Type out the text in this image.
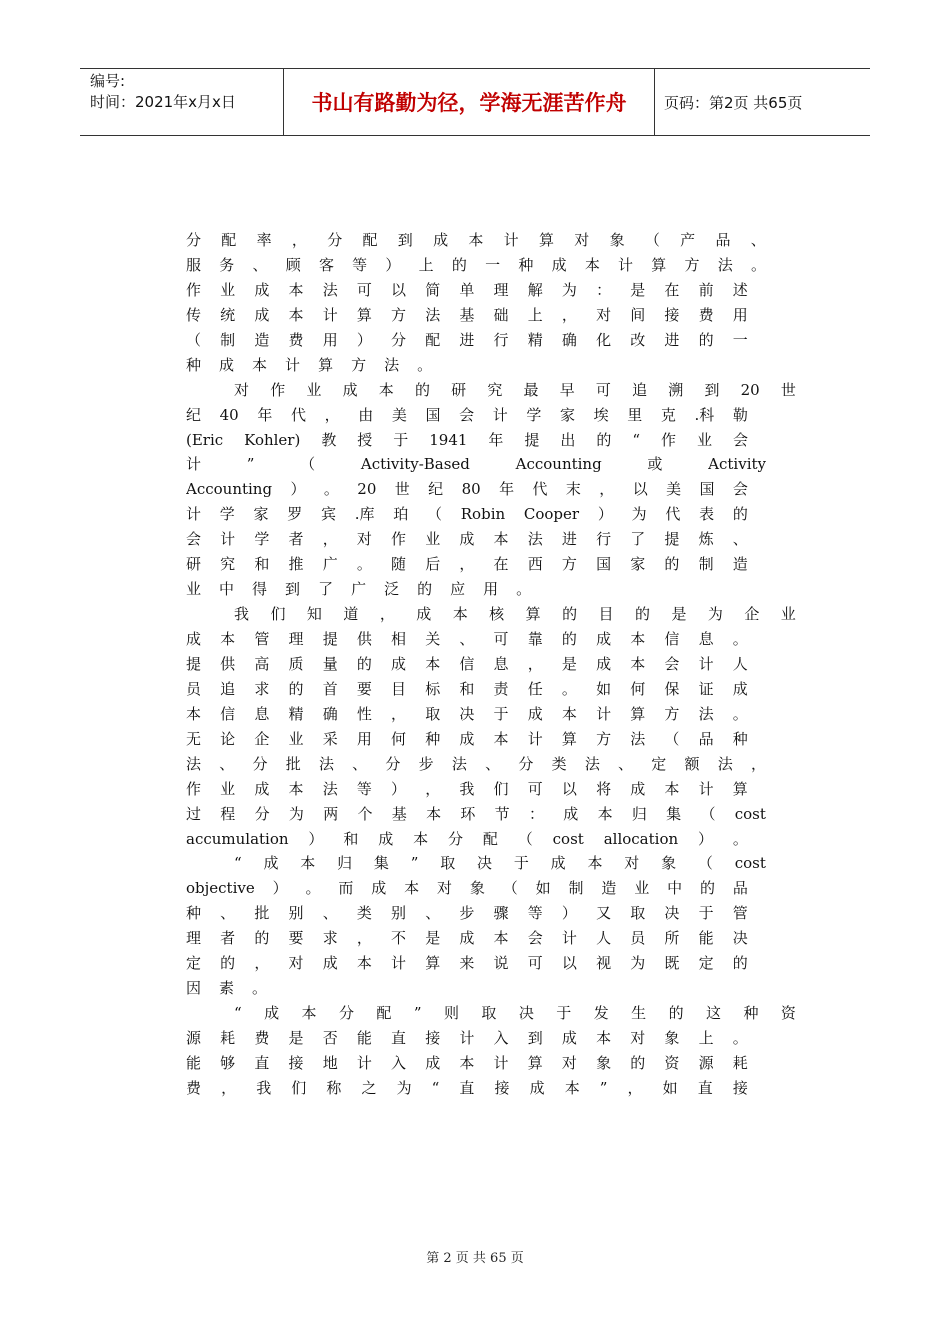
编号:
时间：2021年x月x日	书山有路勤为径，学海无涯苦作舟	页码：第2页 共65页
分 配 率 ， 分 配 到 成 本 计 算 对 象 （ 产 品 、
服 务 、 顾 客 等 ） 上 的 一 种 成 本 计 算 方 法 。
作 业 成 本 法 可 以 简 单 理 解 为 ： 是 在 前 述
传 统 成 本 计 算 方 法 基 础 上 ， 对 间 接 费 用
（ 制 造 费 用 ） 分 配 进 行 精 确 化 改 进 的 一
种 成 本 计 算 方 法 。
对 作 业 成 本 的 研 究 最 早 可 追 溯 到 20 世
纪 40 年 代 ， 由 美 国 会 计 学 家 埃 里 克 .科 勒
(Eric Kohler) 教 授 于 1941 年 提 出 的 “ 作 业 会
计	”	（	Activity-Based	Accounting	或	Activity
Accounting ） 。 20 世 纪 80 年 代 末 ， 以 美 国 会
计 学 家 罗 宾 .库 珀 （ Robin Cooper ） 为 代 表 的
会 计 学 者 ， 对 作 业 成 本 法 进 行 了 提 炼 、
研 究 和 推 广 。 随 后 ， 在 西 方 国 家 的 制 造
业 中 得 到 了 广 泛 的 应 用 。
我 们 知 道 ， 成 本 核 算 的 目 的 是 为 企 业
成 本 管 理 提 供 相 关 、 可 靠 的 成 本 信 息 。
提 供 高 质 量 的 成 本 信 息 ， 是 成 本 会 计 人
员 追 求 的 首 要 目 标 和 责 任 。 如 何 保 证 成
本 信 息 精 确 性 ， 取 决 于 成 本 计 算 方 法 。
无 论 企 业 采 用 何 种 成 本 计 算 方 法 （ 品 种
法 、 分 批 法 、 分 步 法 、 分 类 法 、 定 额 法 ，
作 业 成 本 法 等 ） ， 我 们 可 以 将 成 本 计 算
过 程 分 为 两 个 基 本 环 节 ： 成 本 归 集 （ cost
accumulation ） 和 成 本 分 配 （ cost allocation ） 。
“ 成 本 归 集 ” 取 决 于 成 本 对 象 （ cost
objective ） 。 而 成 本 对 象 （ 如 制 造 业 中 的 品
种 、 批 别 、 类 别 、 步 骤 等 ） 又 取 决 于 管
理 者 的 要 求 ， 不 是 成 本 会 计 人 员 所 能 决
定 的 ， 对 成 本 计 算 来 说 可 以 视 为 既 定 的
因 素 。
“ 成 本 分 配 ” 则 取 决 于 发 生 的 这 种 资
源 耗 费 是 否 能 直 接 计 入 到 成 本 对 象 上 。
能 够 直 接 地 计 入 成 本 计 算 对 象 的 资 源 耗
费 ， 我 们 称 之 为 “ 直 接 成 本 ” ， 如 直 接
第 2 页 共 65 页
